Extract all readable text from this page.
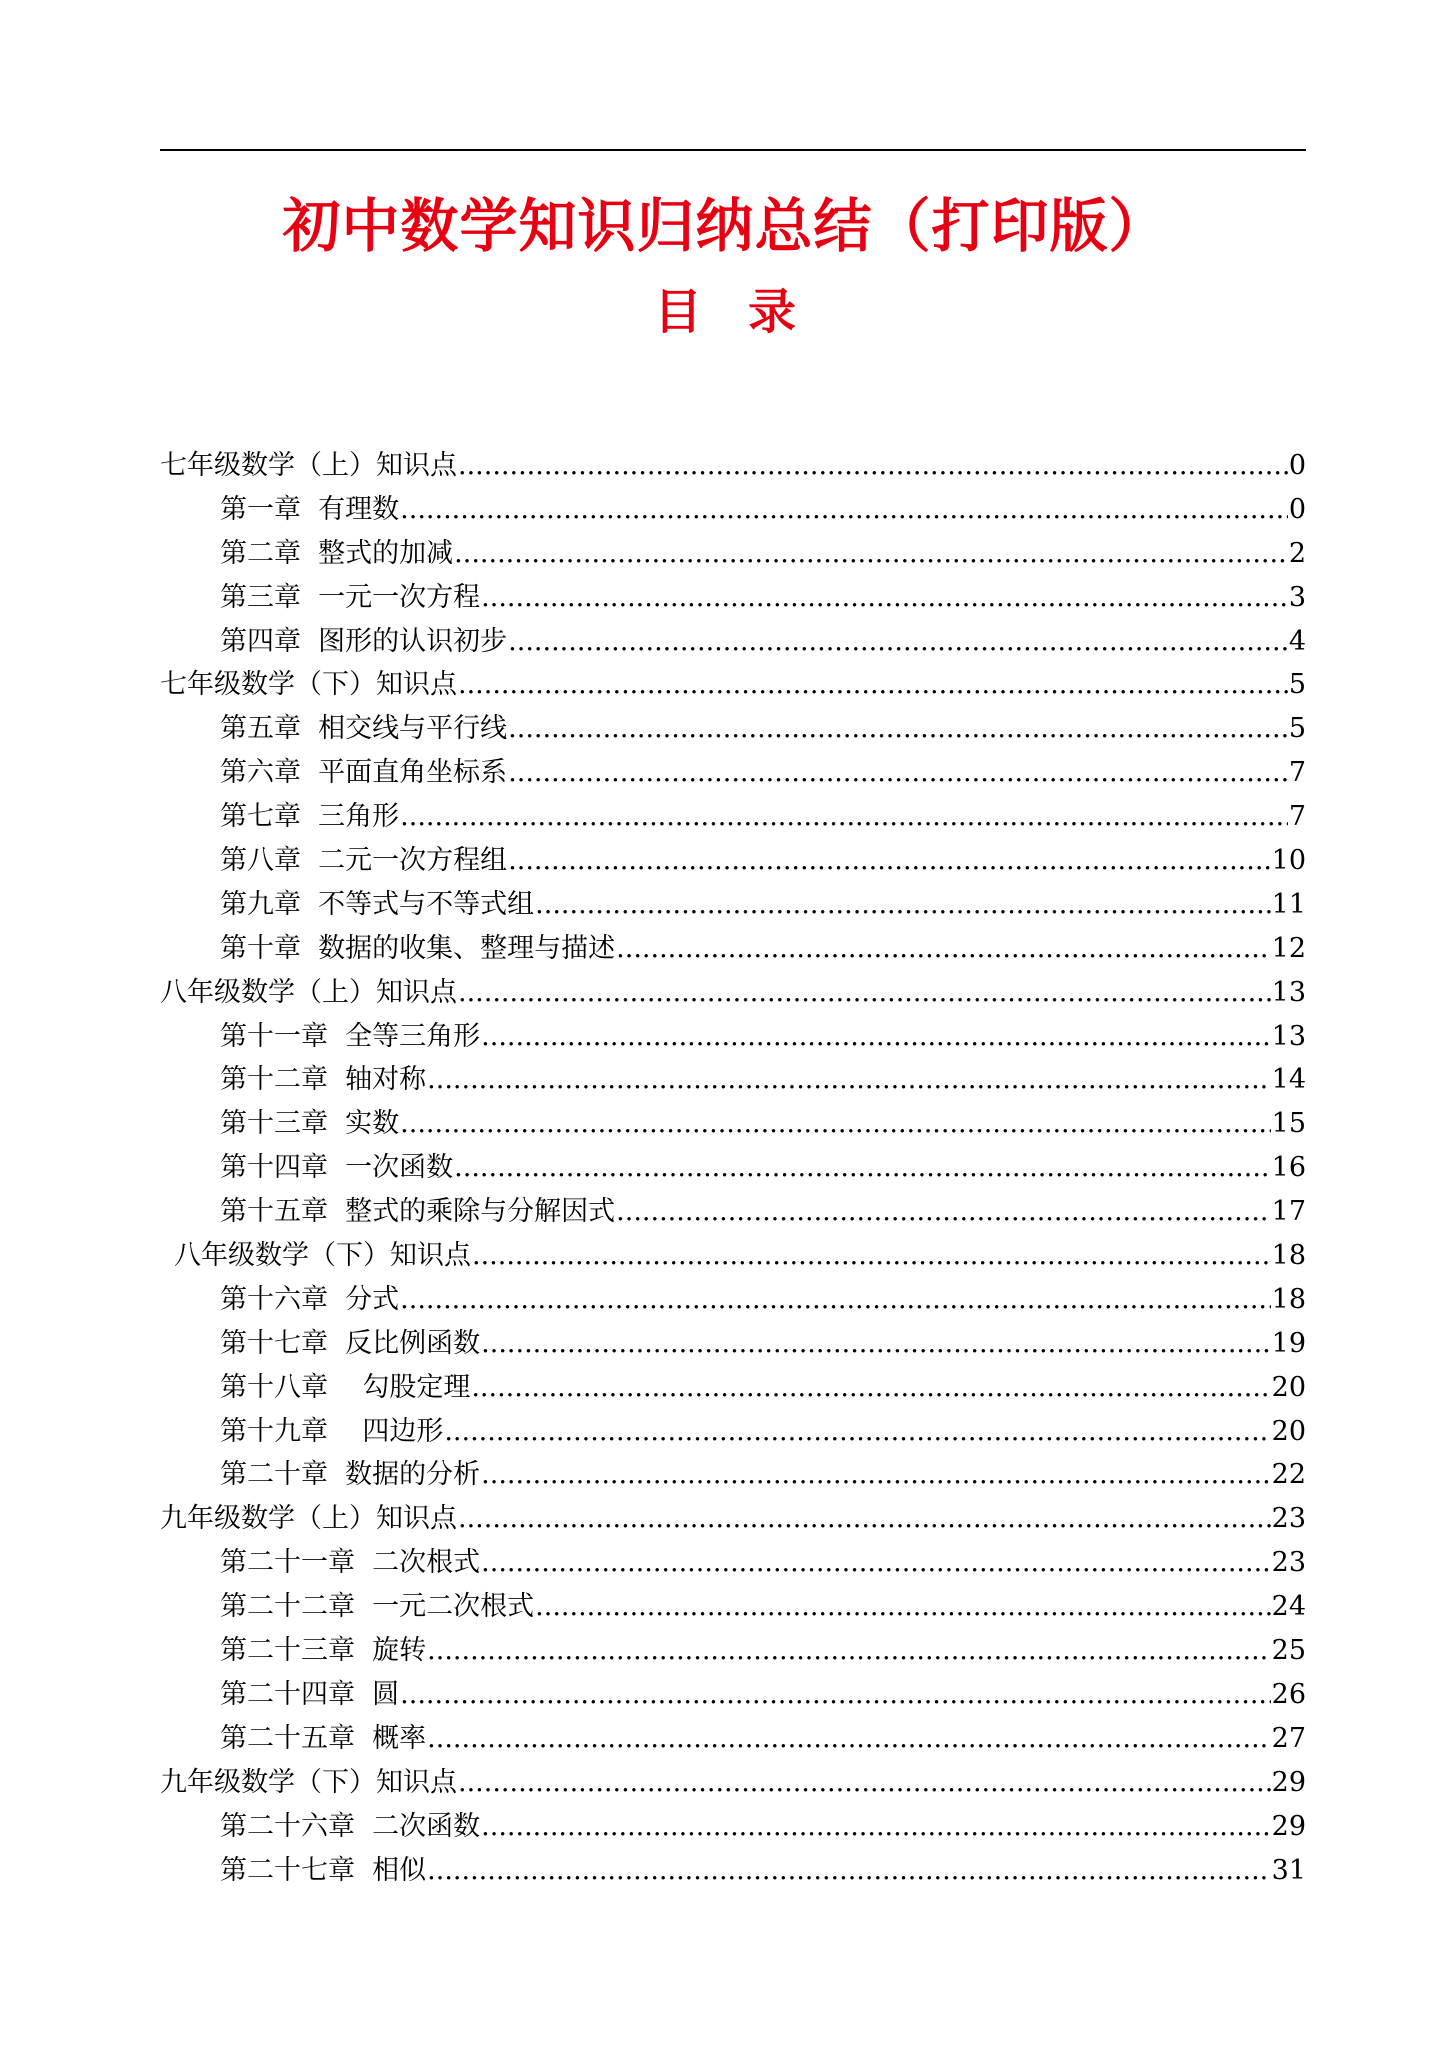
初中数学知识归纳总结（打印版）
目录
七年级数学（上）知识点 .....	0
第一章  有理数 .....	0
第二章  整式的加减 .....	2
第三章  一元一次方程 .....	3
第四章  图形的认识初步 .....	4
七年级数学（下）知识点 .....	5
第五章  相交线与平行线 .....	5
第六章  平面直角坐标系 .....	7
第七章  三角形 .....	7
第八章  二元一次方程组 .....	10
第九章  不等式与不等式组 .....	11
第十章  数据的收集、整理与描述 .....	12
八年级数学（上）知识点 .....	13
第十一章  全等三角形 .....	13
第十二章  轴对称 .....	14
第十三章  实数 .....	15
第十四章  一次函数 .....	16
第十五章  整式的乘除与分解因式 .....	17
八年级数学（下）知识点 .....	18
第十六章  分式 .....	18
第十七章  反比例函数 .....	19
第十八章    勾股定理 .....	20
第十九章    四边形 .....	20
第二十章  数据的分析 .....	22
九年级数学（上）知识点 .....	23
第二十一章  二次根式 .....	23
第二十二章  一元二次根式 .....	24
第二十三章  旋转 .....	25
第二十四章  圆 .....	26
第二十五章  概率 .....	27
九年级数学（下）知识点 .....	29
第二十六章  二次函数 .....	29
第二十七章  相似 .....	31
